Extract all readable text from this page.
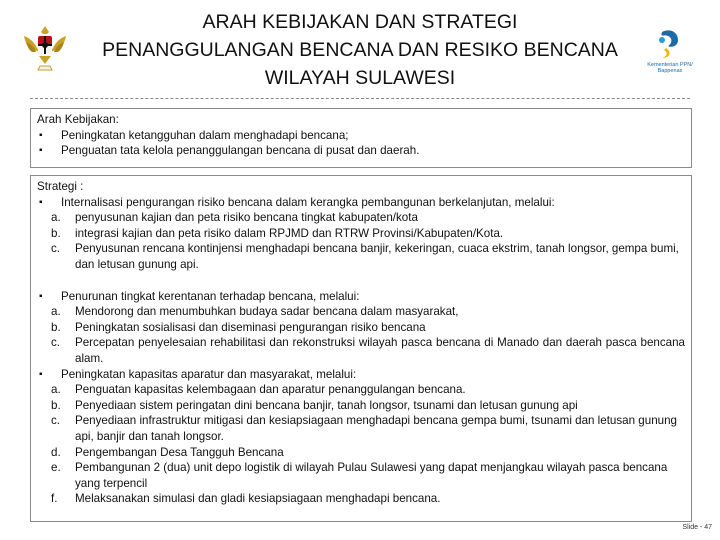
ARAH KEBIJAKAN DAN STRATEGI
PENANGGULANGAN BENCANA DAN RESIKO BENCANA
WILAYAH SULAWESI
Kementerian PPN/
Bappenas
Arah Kebijakan:
▪ Peningkatan ketangguhan dalam menghadapi bencana;
▪ Penguatan tata kelola penanggulangan bencana di pusat dan daerah.
Strategi :
▪ Internalisasi pengurangan risiko bencana dalam kerangka pembangunan berkelanjutan, melalui:
a. penyusunan kajian dan peta risiko bencana tingkat kabupaten/kota
b. integrasi kajian dan peta risiko dalam RPJMD dan RTRW Provinsi/Kabupaten/Kota.
c. Penyusunan rencana kontinjensi menghadapi bencana banjir, kekeringan, cuaca ekstrim, tanah longsor, gempa bumi, dan letusan gunung api.
▪ Penurunan tingkat kerentanan terhadap bencana, melalui:
a. Mendorong dan menumbuhkan budaya sadar bencana dalam masyarakat,
b. Peningkatan sosialisasi dan diseminasi pengurangan risiko bencana
c. Percepatan penyelesaian rehabilitasi dan rekonstruksi wilayah pasca bencana di Manado dan daerah pasca bencana alam.
▪ Peningkatan kapasitas aparatur dan masyarakat, melalui:
a. Penguatan kapasitas kelembagaan dan aparatur penanggulangan bencana.
b. Penyediaan sistem peringatan dini bencana banjir, tanah longsor, tsunami dan letusan gunung api
c. Penyediaan infrastruktur mitigasi dan kesiapsiagaan menghadapi bencana gempa bumi, tsunami dan letusan gunung api, banjir dan tanah longsor.
d. Pengembangan Desa Tangguh Bencana
e. Pembangunan 2 (dua) unit depo logistik di wilayah Pulau Sulawesi yang dapat menjangkau wilayah pasca bencana yang terpencil
f. Melaksanakan simulasi dan gladi kesiapsiagaan menghadapi bencana.
Slide - 47
